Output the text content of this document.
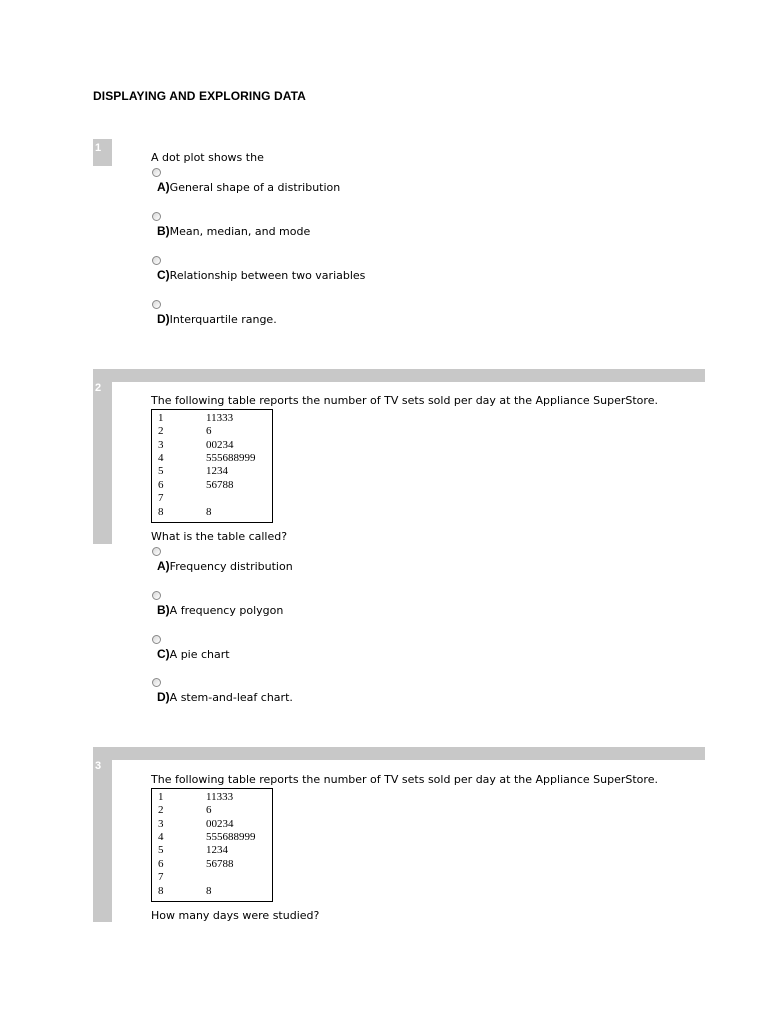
DISPLAYING AND EXPLORING DATA
1
A dot plot shows the
A)General shape of a distribution
B)Mean, median, and mode
C)Relationship between two variables
D)Interquartile range.
2
The following table reports the number of TV sets sold per day at the Appliance SuperStore.
1	11333
2	6
3	00234
4	555688999
5	1234
6	56788
7
8	8
What is the table called?
A)Frequency distribution
B)A frequency polygon
C)A pie chart
D)A stem-and-leaf chart.
3
The following table reports the number of TV sets sold per day at the Appliance SuperStore.
1	11333
2	6
3	00234
4	555688999
5	1234
6	56788
7
8	8
How many days were studied?
